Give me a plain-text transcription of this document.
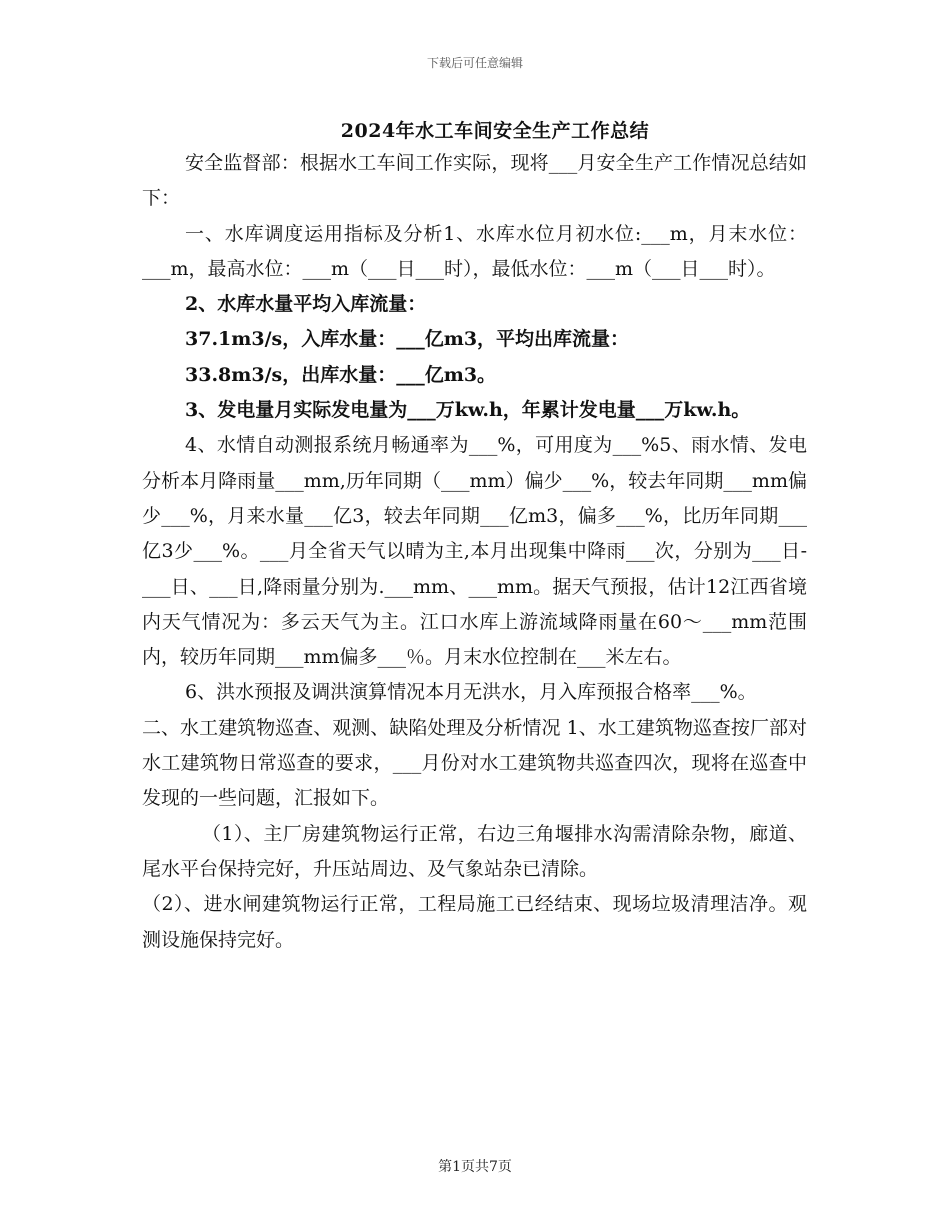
下载后可任意编辑
2024年水工车间安全生产工作总结

安全监督部：根据水工车间工作实际，现将___月安全生产工作情况总结如下：

一、水库调度运用指标及分析1、水库水位月初水位:___m，月末水位：___m，最高水位：___m（___日___时），最低水位：___m（___日___时）。

2、水库水量平均入库流量：

37.1m3/s，入库水量：___亿m3，平均出库流量：

33.8m3/s，出库水量：___亿m3。

3、发电量月实际发电量为___万kw.h，年累计发电量___万kw.h。

4、水情自动测报系统月畅通率为___%，可用度为___%5、雨水情、发电分析本月降雨量___mm,历年同期（___mm）偏少___%，较去年同期___mm偏少___%，月来水量___亿3，较去年同期___亿m3，偏多___%，比历年同期___亿3少___%。___月全省天气以晴为主,本月出现集中降雨___次，分别为___日-___日、___日,降雨量分别为.___mm、___mm。据天气预报，估计12江西省境内天气情况为：多云天气为主。江口水库上游流域降雨量在60～___mm范围内，较历年同期___mm偏多___％。月末水位控制在___米左右。

6、洪水预报及调洪演算情况本月无洪水，月入库预报合格率___%。

二、水工建筑物巡查、观测、缺陷处理及分析情况 1、水工建筑物巡查按厂部对水工建筑物日常巡查的要求，___月份对水工建筑物共巡查四次，现将在巡查中发现的一些问题，汇报如下。

（1）、主厂房建筑物运行正常，右边三角堰排水沟需清除杂物，廊道、尾水平台保持完好，升压站周边、及气象站杂已清除。

（2）、进水闸建筑物运行正常，工程局施工已经结束、现场垃圾清理洁净。观测设施保持完好。

第1页共7页
